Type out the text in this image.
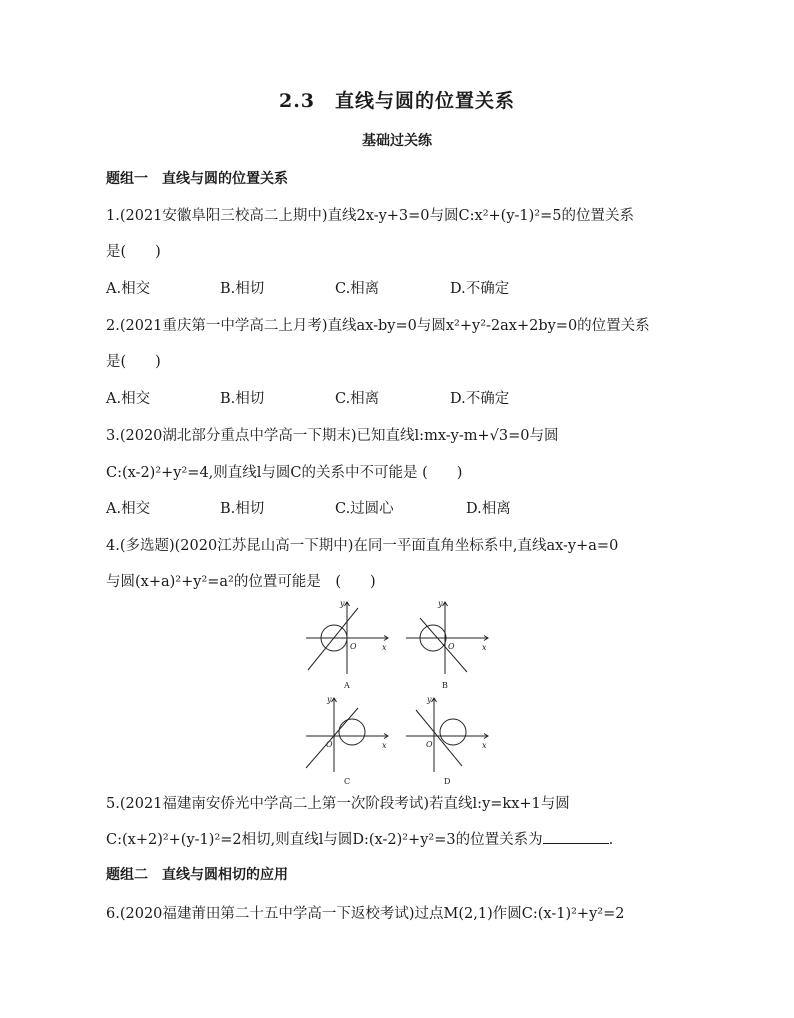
2.3　直线与圆的位置关系
基础过关练
题组一　直线与圆的位置关系
1.(2021安徽阜阳三校高二上期中)直线2x-y+3=0与圆C:x²+(y-1)²=5的位置关系
是(　　)
A.相交	B.相切	C.相离	D.不确定
2.(2021重庆第一中学高二上月考)直线ax-by=0与圆x²+y²-2ax+2by=0的位置关系
是(　　)
A.相交	B.相切	C.相离	D.不确定
3.(2020湖北部分重点中学高一下期末)已知直线l:mx-y-m+√3=0与圆
C:(x-2)²+y²=4,则直线l与圆C的关系中不可能是 (　　)
A.相交	B.相切	C.过圆心	D.相离
4.(多选题)(2020江苏昆山高一下期中)在同一平面直角坐标系中,直线ax-y+a=0
与圆(x+a)²+y²=a²的位置可能是　(　　)
y
x
O
A
y
x
O
B
y
x
O
C
y
x
O
D
5.(2021福建南安侨光中学高二上第一次阶段考试)若直线l:y=kx+1与圆
C:(x+2)²+(y-1)²=2相切,则直线l与圆D:(x-2)²+y²=3的位置关系为	.
题组二　直线与圆相切的应用
6.(2020福建莆田第二十五中学高一下返校考试)过点M(2,1)作圆C:(x-1)²+y²=2
